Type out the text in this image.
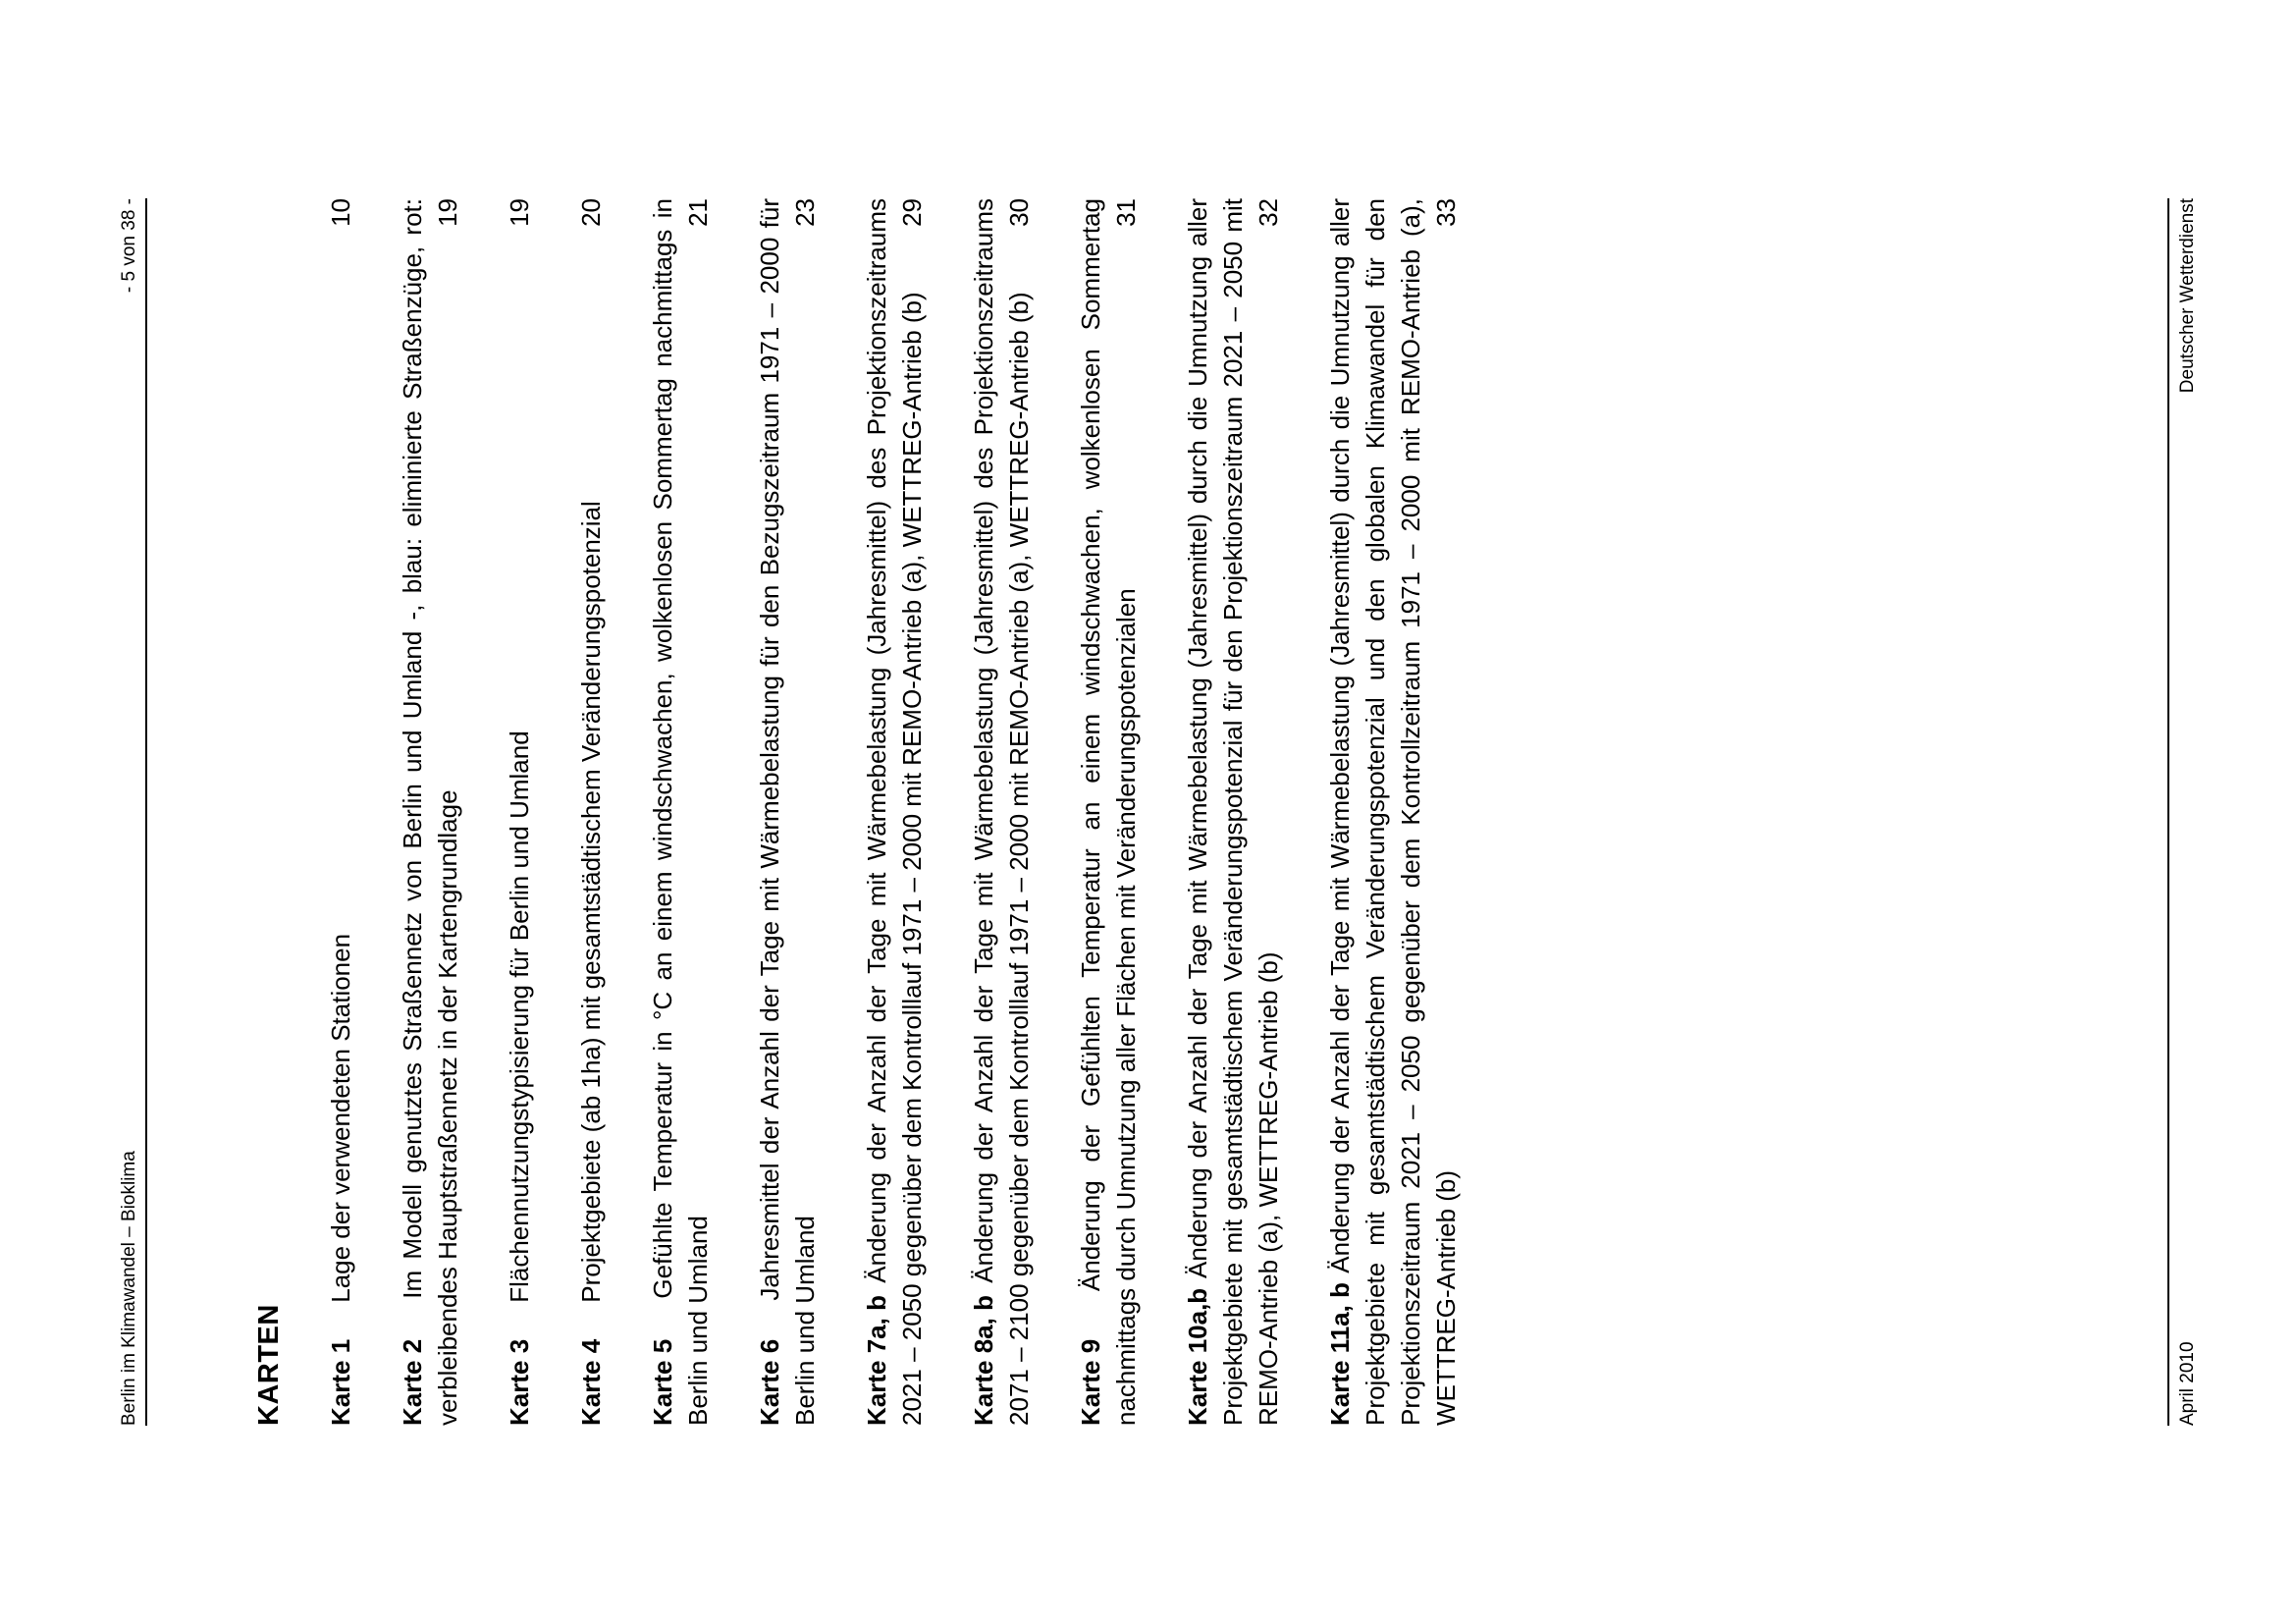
Berlin im Klimawandel – Bioklima
- 5 von 38 -
KARTEN Karte 1 Lage der verwendeten Stationen
10
Karte 2 Im Modell genutztes Straßennetz von Berlin und Umland -, blau: eliminierte Straßenzüge, rot: verbleibendes Hauptstraßennetz in der Kartengrundlage
19
Karte 3 Flächennutzungstypisierung für Berlin und Umland
19
Karte 4 Projektgebiete (ab 1ha) mit gesamtstädtischem Veränderungspotenzial
20
Karte 5 Gefühlte Temperatur in °C an einem windschwachen, wolkenlosen Sommertag nachmittags in Berlin und Umland
21
Karte 6 Jahresmittel der Anzahl der Tage mit Wärmebelastung für den Bezugszeitraum 1971 – 2000 für Berlin und Umland
23
Karte 7a, b Änderung der Anzahl der Tage mit Wärmebelastung (Jahresmittel) des Projektionszeitraums 2021 – 2050 gegenüber dem Kontrolllauf 1971 – 2000 mit REMO-Antrieb (a), WETTREG-Antrieb (b)
29
Karte 8a, b Änderung der Anzahl der Tage mit Wärmebelastung (Jahresmittel) des Projektionszeitraums 2071 – 2100 gegenüber dem Kontrolllauf 1971 – 2000 mit REMO-Antrieb (a), WETTREG-Antrieb (b)
30
Karte 9 Änderung der Gefühlten Temperatur an einem windschwachen, wolkenlosen Sommertag nachmittags durch Umnutzung aller Flächen mit Veränderungspotenzialen
31
Karte 10a,b Änderung der Anzahl der Tage mit Wärmebelastung (Jahresmittel) durch die Umnutzung aller Projektgebiete mit gesamtstädtischem Veränderungspotenzial für den Projektionszeitraum 2021 – 2050 mit REMO-Antrieb (a), WETTREG-Antrieb (b)
32
Karte 11a, b Änderung der Anzahl der Tage mit Wärmebelastung (Jahresmittel) durch die Umnutzung aller Projektgebiete mit gesamtstädtischem Veränderungspotenzial und den globalen Klimawandel für den Projektionszeitraum 2021 – 2050 gegenüber dem Kontrollzeitraum 1971 – 2000 mit REMO-Antrieb (a), WETTREG-Antrieb (b)
33
April 2010
Deutscher Wetterdienst
